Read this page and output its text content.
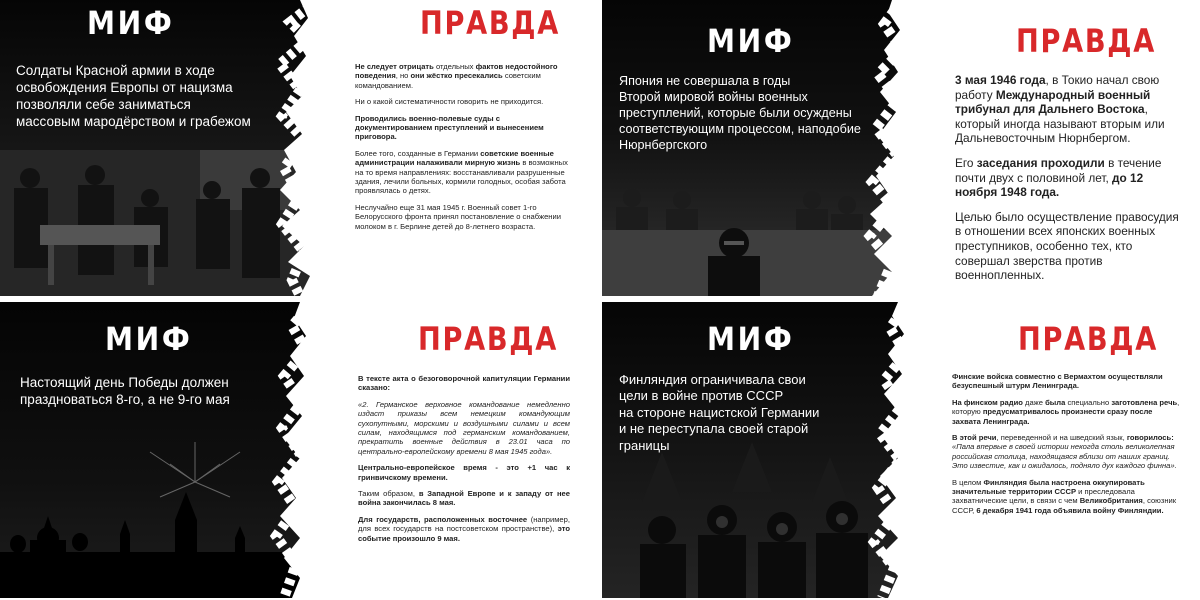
МИФ
Солдаты Красной армии в ходе
освобождения Европы от нацизма
позволяли себе заниматься
массовым мародёрством и грабежом
ПРАВДА

Не следует отрицать отдельных фактов недостойного поведения, но они жёстко пресекались советским командованием.

Ни о какой систематичности говорить не приходится.

Проводились военно-полевые суды с документированием преступлений и вынесением приговора.

Более того, созданные в Германии советские военные администрации налаживали мирную жизнь в возможных на то время направлениях: восстанавливали разрушенные здания, лечили больных, кормили голодных, особая забота проявлялась о детях.

Неслучайно еще 31 мая 1945 г. Военный совет 1-го Белорусского фронта принял постановление о снабжении молоком в г. Берлине детей до 8-летнего возраста.

МИФ
Япония не совершала в годы
Второй мировой войны военных
преступлений, которые были осуждены
соответствующим процессом, наподобие
Нюрнбергского
ПРАВДА

3 мая 1946 года, в Токио начал свою работу Международный военный трибунал для Дальнего Востока, который иногда называют вторым или Дальневосточным Нюрнбергом.

Его заседания проходили в течение почти двух с половиной лет, до 12 ноября 1948 года.

Целью было осуществление правосудия в отношении всех японских военных преступников, особенно тех, кто совершал зверства против военнопленных.

МИФ
Настоящий день Победы должен
праздноваться 8-го, а не 9-го мая
ПРАВДА

В тексте акта о безоговорочной капитуляции Германии сказано:

«2. Германское верховное командование немедленно издаст приказы всем немецким командующим сухопутными, морскими и воздушными силами и всем силам, находящимся под германским командованием, прекратить военные действия в 23.01 часа по центрально-европейскому времени 8 мая 1945 года».

Центрально-европейское время - это +1 час к гринвичскому времени.

Таким образом, в Западной Европе и к западу от нее война закончилась 8 мая.

Для государств, расположенных восточнее (например, для всех государств на постсоветском пространстве), это событие произошло 9 мая.

МИФ
Финляндия ограничивала свои
цели в войне против СССР
на стороне нацистской Германии
и не переступала своей старой
границы
ПРАВДА

Финские войска совместно с Вермахтом осуществляли безуспешный штурм Ленинграда.

На финском радио даже была специально заготовлена речь, которую предусматривалось произнести сразу после захвата Ленинграда.

В этой речи, переведенной и на шведский язык, говорилось: «Пала впервые в своей истории некогда столь великолепная российская столица, находящаяся вблизи от наших границ. Это известие, как и ожидалось, подняло дух каждого финна».

В целом Финляндия была настроена оккупировать значительные территории СССР и преследовала захватнические цели, в связи с чем Великобритания, союзник СССР, 6 декабря 1941 года объявила войну Финляндии.
